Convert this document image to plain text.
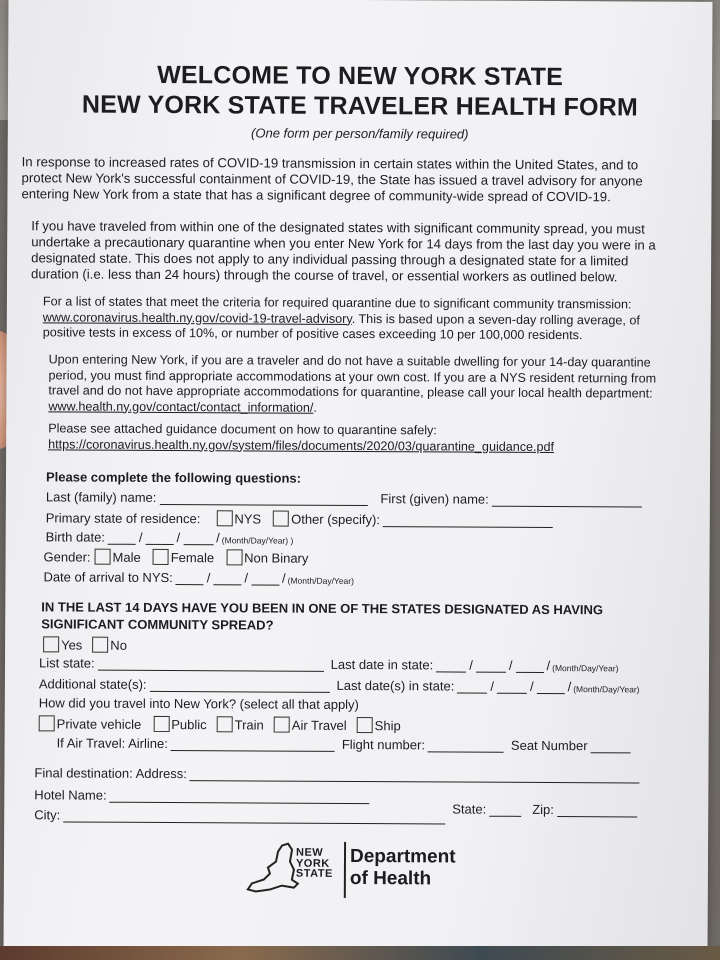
WELCOME TO NEW YORK STATE
NEW YORK STATE TRAVELER HEALTH FORM
(One form per person/family required)
In response to increased rates of COVID-19 transmission in certain states within the United States, and to protect New York's successful containment of COVID-19, the State has issued a travel advisory for anyone entering New York from a state that has a significant degree of community-wide spread of COVID-19.
If you have traveled from within one of the designated states with significant community spread, you must undertake a precautionary quarantine when you enter New York for 14 days from the last day you were in a designated state. This does not apply to any individual passing through a designated state for a limited duration (i.e. less than 24 hours) through the course of travel, or essential workers as outlined below.
For a list of states that meet the criteria for required quarantine due to significant community transmission: www.coronavirus.health.ny.gov/covid-19-travel-advisory. This is based upon a seven-day rolling average, of positive tests in excess of 10%, or number of positive cases exceeding 10 per 100,000 residents.
Upon entering New York, if you are a traveler and do not have a suitable dwelling for your 14-day quarantine period, you must find appropriate accommodations at your own cost. If you are a NYS resident returning from travel and do not have appropriate accommodations for quarantine, please call your local health department: www.health.ny.gov/contact/contact_information/.
Please see attached guidance document on how to quarantine safely:
https://coronavirus.health.ny.gov/system/files/documents/2020/03/quarantine_guidance.pdf
Please complete the following questions:
Last (family) name:	First (given) name:
Primary state of residence:	NYS Other (specify):
Birth date:	/	/	/ (Month/Day/Year) )
Gender: Male Female Non Binary
Date of arrival to NYS:	/	/	/ (Month/Day/Year)
IN THE LAST 14 DAYS HAVE YOU BEEN IN ONE OF THE STATES DESIGNATED AS HAVING
SIGNIFICANT COMMUNITY SPREAD?
Yes No
List state:	Last date in state:	/	/	/ (Month/Day/Year)
Additional state(s):	Last date(s) in state:	/	/	/ (Month/Day/Year)
How did you travel into New York? (select all that apply)
Private vehicle Public Train Air Travel Ship
If Air Travel: Airline:	Flight number:	Seat Number
Final destination: Address:
Hotel Name:
City:	State:	Zip:
NEW
YORK
STATE
Department
of Health
